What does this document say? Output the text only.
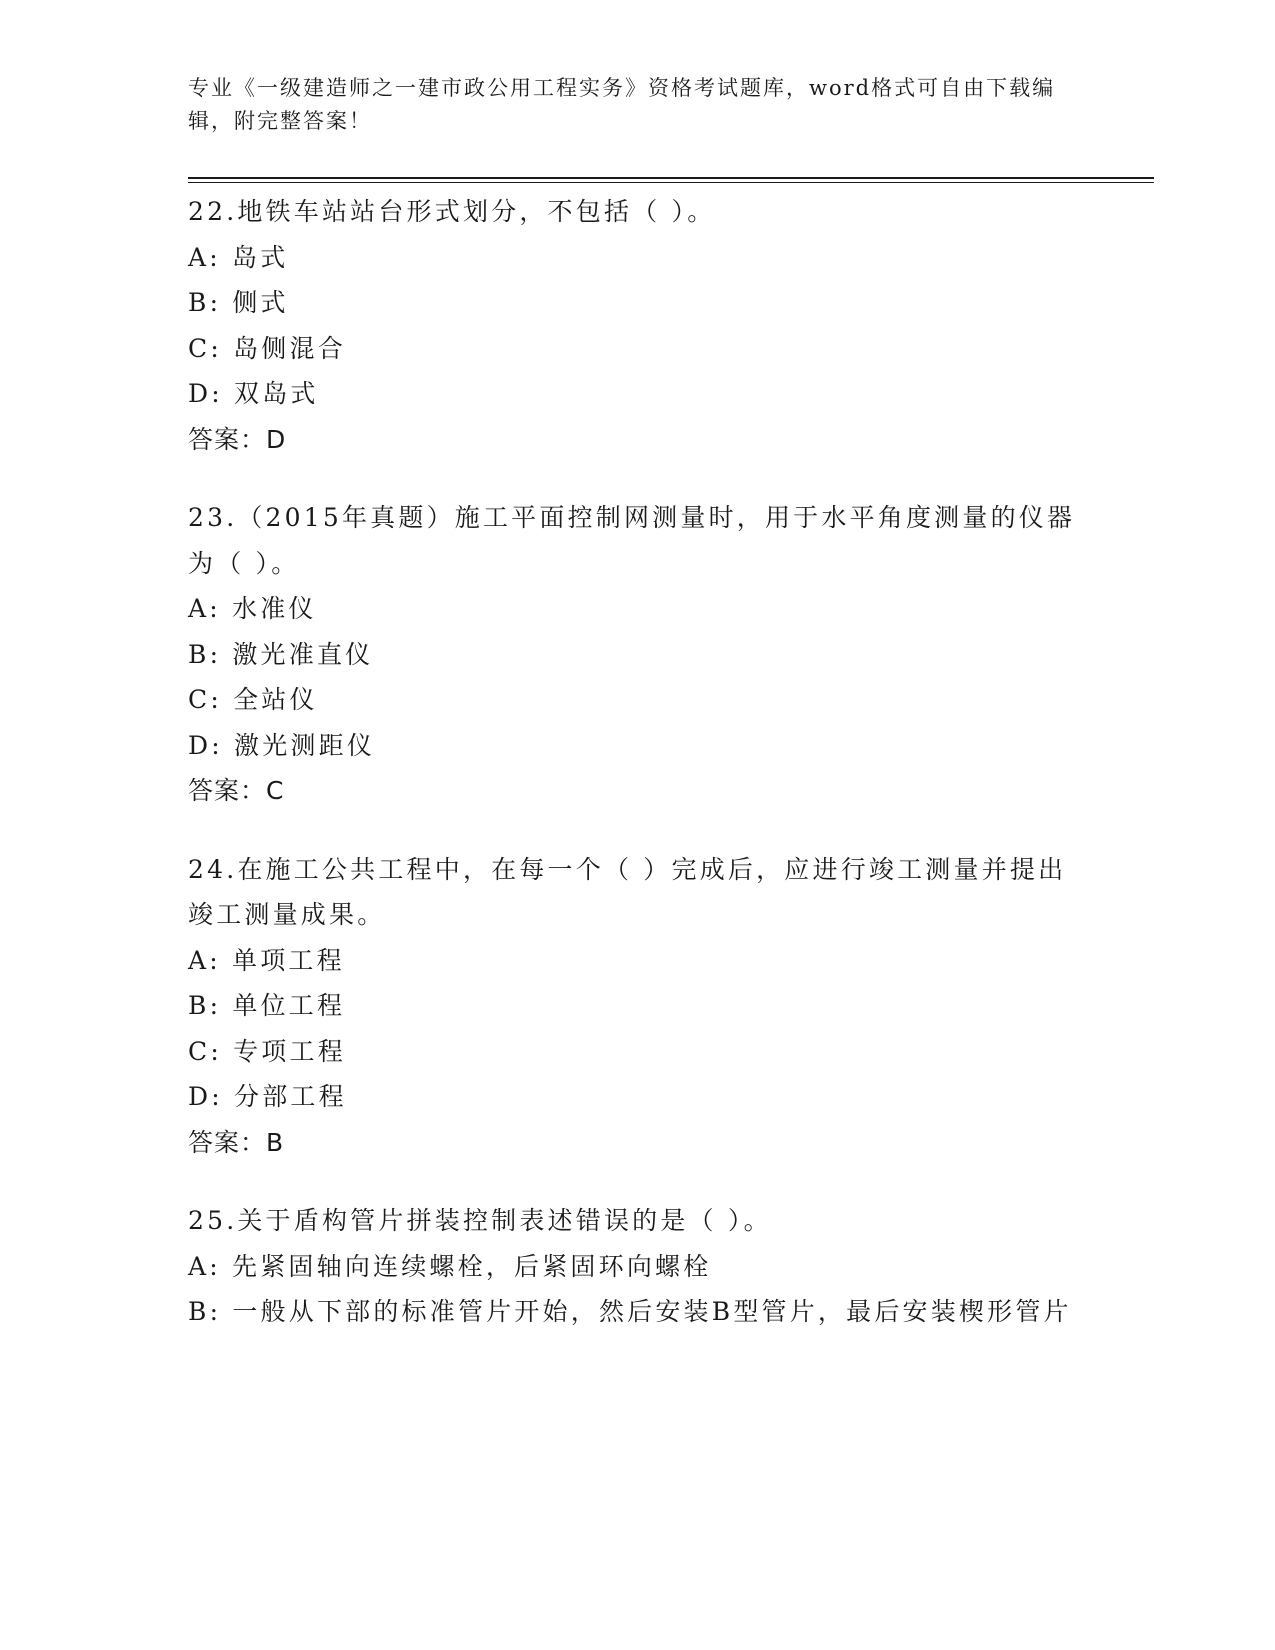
专业《一级建造师之一建市政公用工程实务》资格考试题库，word格式可自由下载编辑，附完整答案！
22.地铁车站站台形式划分，不包括（ ）。
A: 岛式
B: 侧式
C: 岛侧混合
D: 双岛式
答案：D
23.（2015年真题）施工平面控制网测量时，用于水平角度测量的仪器为（ ）。
A: 水准仪
B: 激光准直仪
C: 全站仪
D: 激光测距仪
答案：C
24.在施工公共工程中，在每一个（ ）完成后，应进行竣工测量并提出竣工测量成果。
A: 单项工程
B: 单位工程
C: 专项工程
D: 分部工程
答案：B
25.关于盾构管片拼装控制表述错误的是（ ）。
A: 先紧固轴向连续螺栓，后紧固环向螺栓
B: 一般从下部的标准管片开始，然后安装B型管片，最后安装楔形管片
